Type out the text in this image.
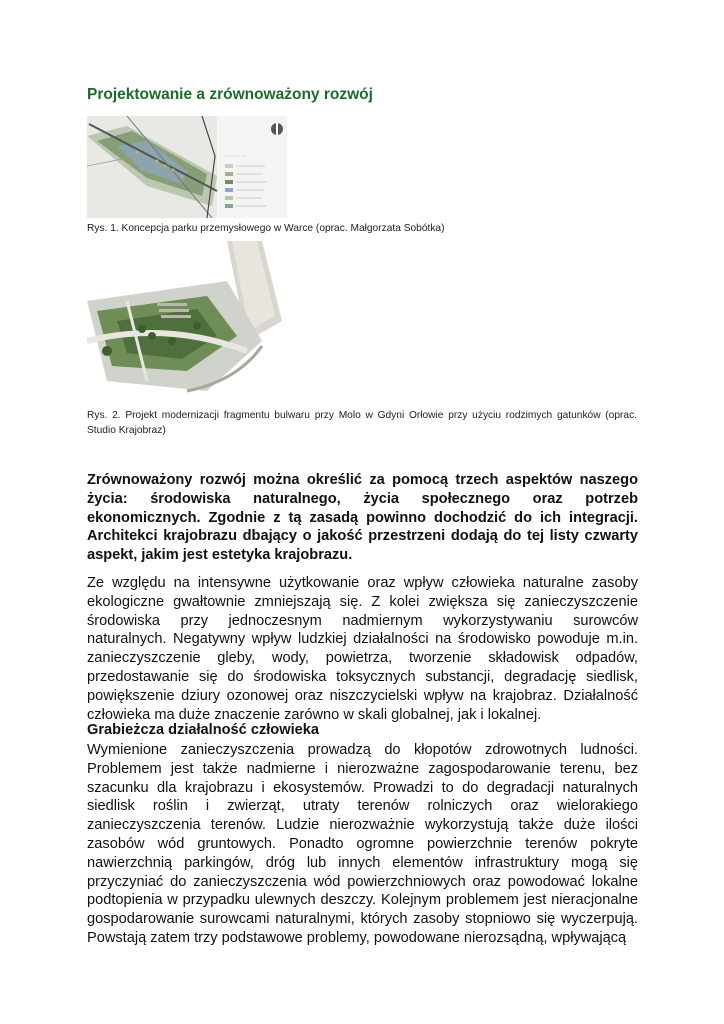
Projektowanie a zrównoważony rozwój

Rys. 1. Koncepcja parku przemysłowego w Warce (oprac. Małgorzata Sobótka)

Rys. 2. Projekt modernizacji fragmentu bulwaru przy Molo w Gdyni Orłowie przy użyciu rodzimych gatunków (oprac. Studio Krajobraz)

Zrównoważony rozwój można określić za pomocą trzech aspektów naszego życia: środowiska naturalnego, życia społecznego oraz potrzeb ekonomicznych. Zgodnie z tą zasadą powinno dochodzić do ich integracji. Architekci krajobrazu dbający o jakość przestrzeni dodają do tej listy czwarty aspekt, jakim jest estetyka krajobrazu.

Ze względu na intensywne użytkowanie oraz wpływ człowieka naturalne zasoby ekologiczne gwałtownie zmniejszają się. Z kolei zwiększa się zanieczyszczenie środowiska przy jednoczesnym nadmiernym wykorzystywaniu surowców naturalnych. Negatywny wpływ ludzkiej działalności na środowisko powoduje m.in. zanieczyszczenie gleby, wody, powietrza, tworzenie składowisk odpadów, przedostawanie się do środowiska toksycznych substancji, degradację siedlisk, powiększenie dziury ozonowej oraz niszczycielski wpływ na krajobraz. Działalność człowieka ma duże znaczenie zarówno w skali globalnej, jak i lokalnej.

Grabieżcza działalność człowieka

Wymienione zanieczyszczenia prowadzą do kłopotów zdrowotnych ludności. Problemem jest także nadmierne i nierozważne zagospodarowanie terenu, bez szacunku dla krajobrazu i ekosystemów. Prowadzi to do degradacji naturalnych siedlisk roślin i zwierząt, utraty terenów rolniczych oraz wielorakiego zanieczyszczenia terenów. Ludzie nierozważnie wykorzystują także duże ilości zasobów wód gruntowych. Ponadto ogromne powierzchnie terenów pokryte nawierzchnią parkingów, dróg lub innych elementów infrastruktury mogą się przyczyniać do zanieczyszczenia wód powierzchniowych oraz powodować lokalne podtopienia w przypadku ulewnych deszczy. Kolejnym problemem jest nieracjonalne gospodarowanie surowcami naturalnymi, których zasoby stopniowo się wyczerpują. Powstają zatem trzy podstawowe problemy, powodowane nierozsądną, wpływającą
